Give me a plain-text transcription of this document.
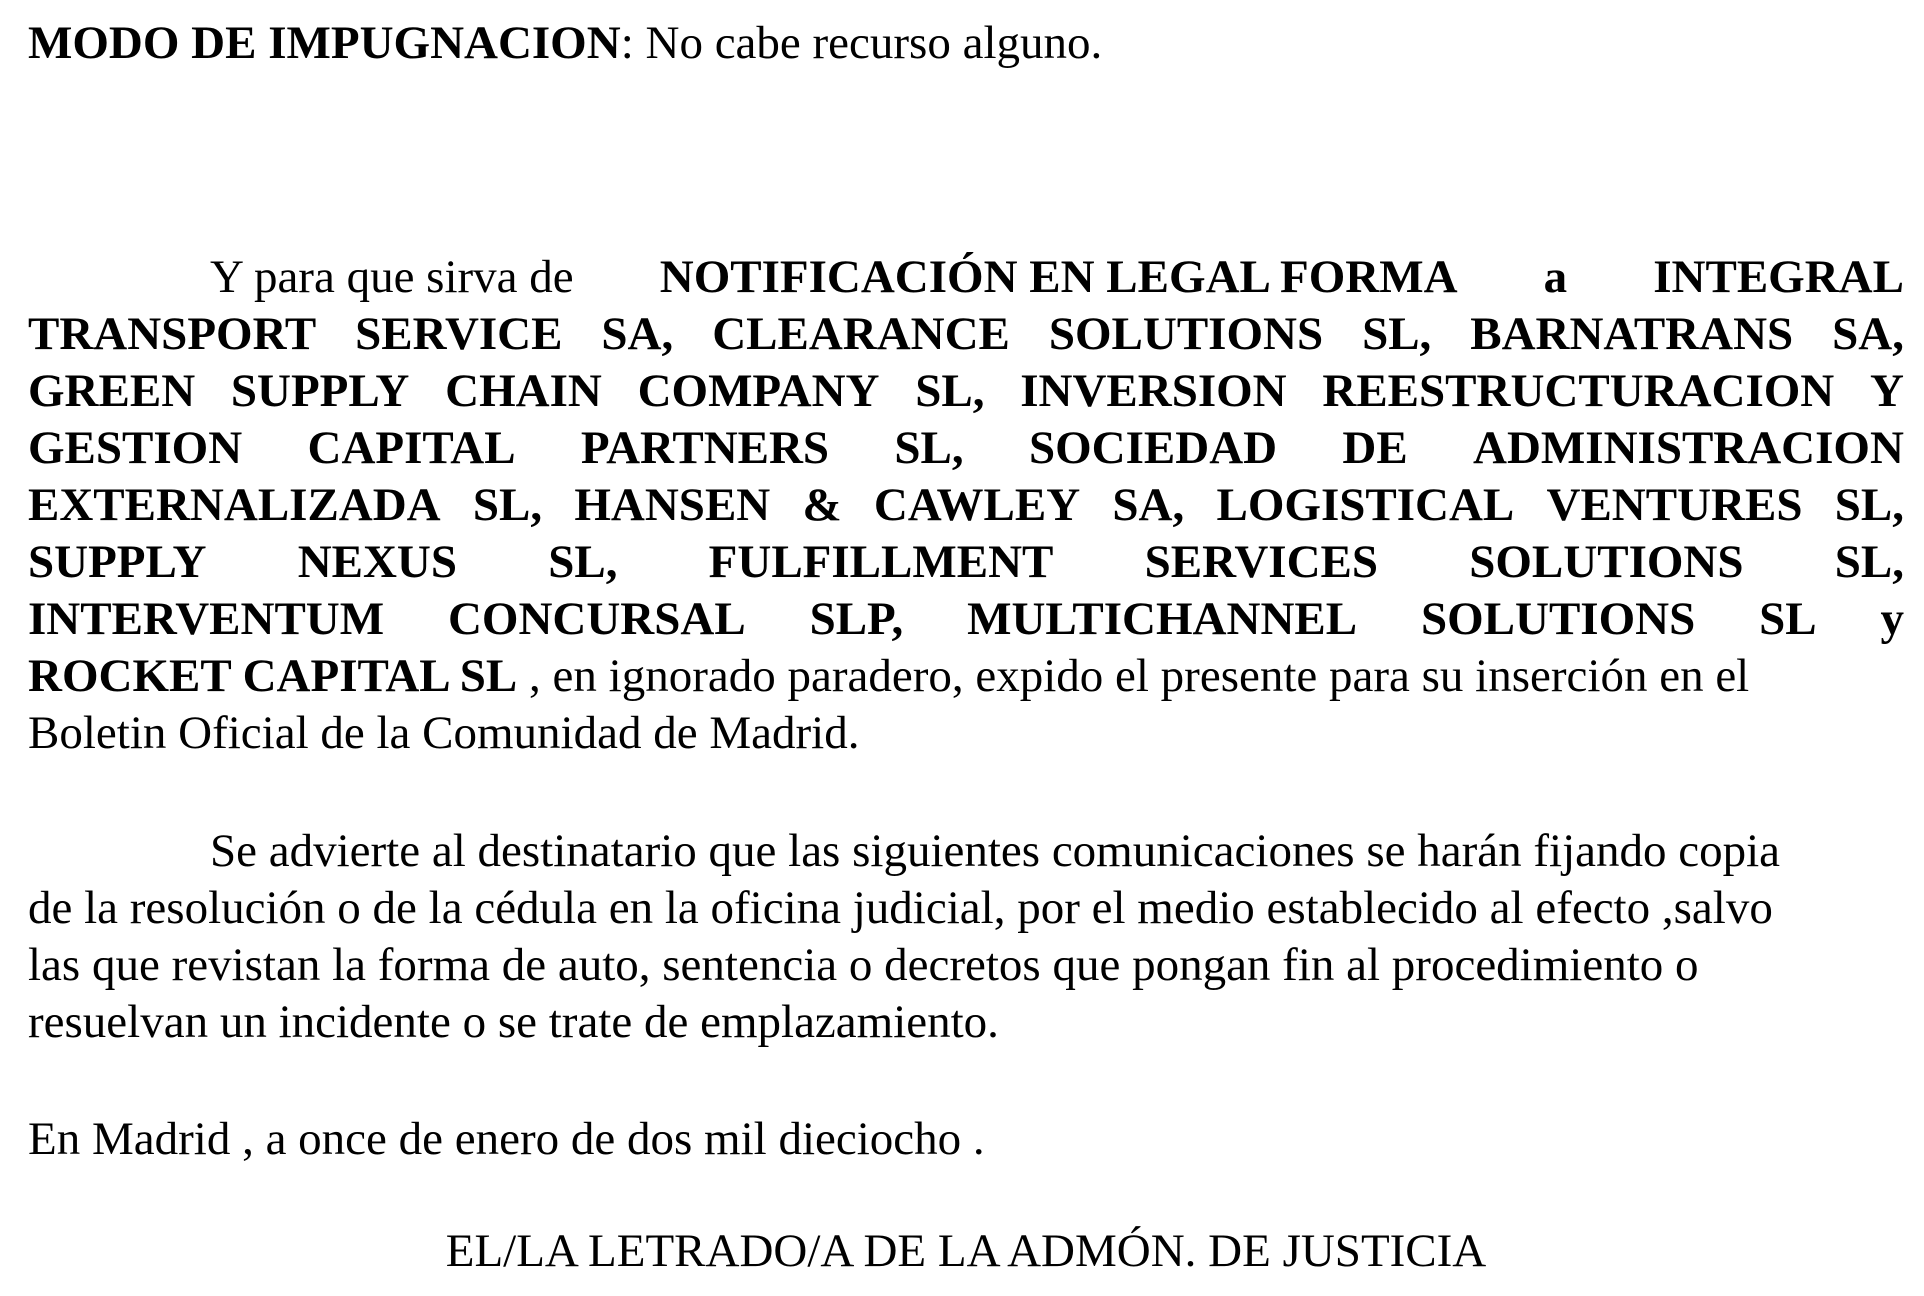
MODO DE IMPUGNACION: No cabe recurso alguno.
Y para que sirva de NOTIFICACIÓN EN LEGAL FORMA a INTEGRAL
TRANSPORT SERVICE SA, CLEARANCE SOLUTIONS SL, BARNATRANS SA,
GREEN SUPPLY CHAIN COMPANY SL, INVERSION REESTRUCTURACION Y
GESTION CAPITAL PARTNERS SL, SOCIEDAD DE ADMINISTRACION
EXTERNALIZADA SL, HANSEN & CAWLEY SA, LOGISTICAL VENTURES SL,
SUPPLY NEXUS SL, FULFILLMENT SERVICES SOLUTIONS SL,
INTERVENTUM CONCURSAL SLP, MULTICHANNEL SOLUTIONS SL y
ROCKET CAPITAL SL , en ignorado paradero, expido el presente para su inserción en el
Boletin Oficial de la Comunidad de Madrid.
Se advierte al destinatario que las siguientes comunicaciones se harán fijando copia
de la resolución o de la cédula en la oficina judicial, por el medio establecido al efecto ,salvo
las que revistan la forma de auto, sentencia o decretos que pongan fin al procedimiento o
resuelvan un incidente o se trate de emplazamiento.
En Madrid , a once de enero de dos mil dieciocho .
EL/LA LETRADO/A DE LA ADMÓN. DE JUSTICIA
